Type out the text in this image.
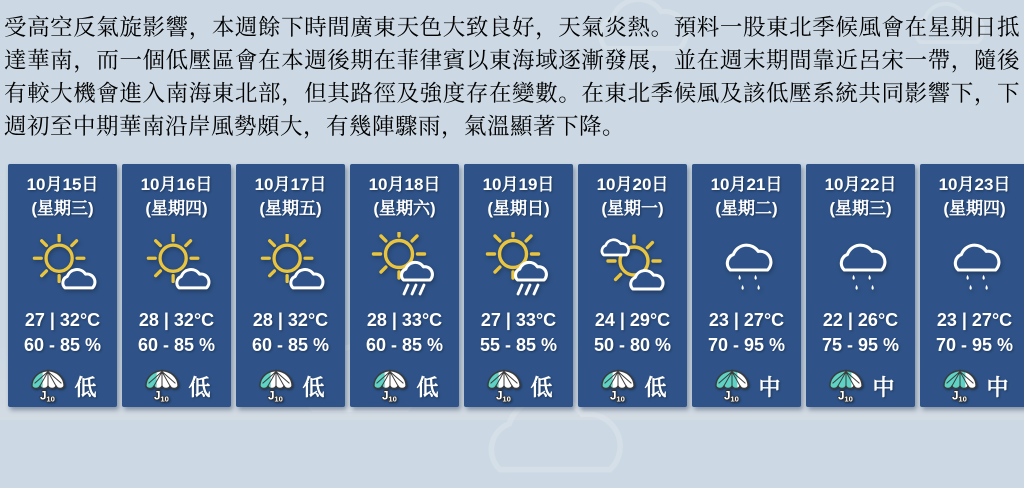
受高空反氣旋影響，本週餘下時間廣東天色大致良好，天氣炎熱。預料一股東北季候風會在星期日抵達華南，而一個低壓區會在本週後期在菲律賓以東海域逐漸發展，並在週末期間靠近呂宋一帶，隨後有較大機會進入南海東北部，但其路徑及強度存在變數。在東北季候風及該低壓系統共同影響下，下週初至中期華南沿岸風勢頗大，有幾陣驟雨，氣溫顯著下降。
10月15日
(星期三)
27 | 32°C
60 - 85 %
J10 低
10月16日
(星期四)
28 | 32°C
60 - 85 %
J10 低
10月17日
(星期五)
28 | 32°C
60 - 85 %
J10 低
10月18日
(星期六)
28 | 33°C
60 - 85 %
J10 低
10月19日
(星期日)
27 | 33°C
55 - 85 %
J10 低
10月20日
(星期一)
24 | 29°C
50 - 80 %
J10 低
10月21日
(星期二)
23 | 27°C
70 - 95 %
J10 中
10月22日
(星期三)
22 | 26°C
75 - 95 %
J10 中
10月23日
(星期四)
23 | 27°C
70 - 95 %
J10 中
